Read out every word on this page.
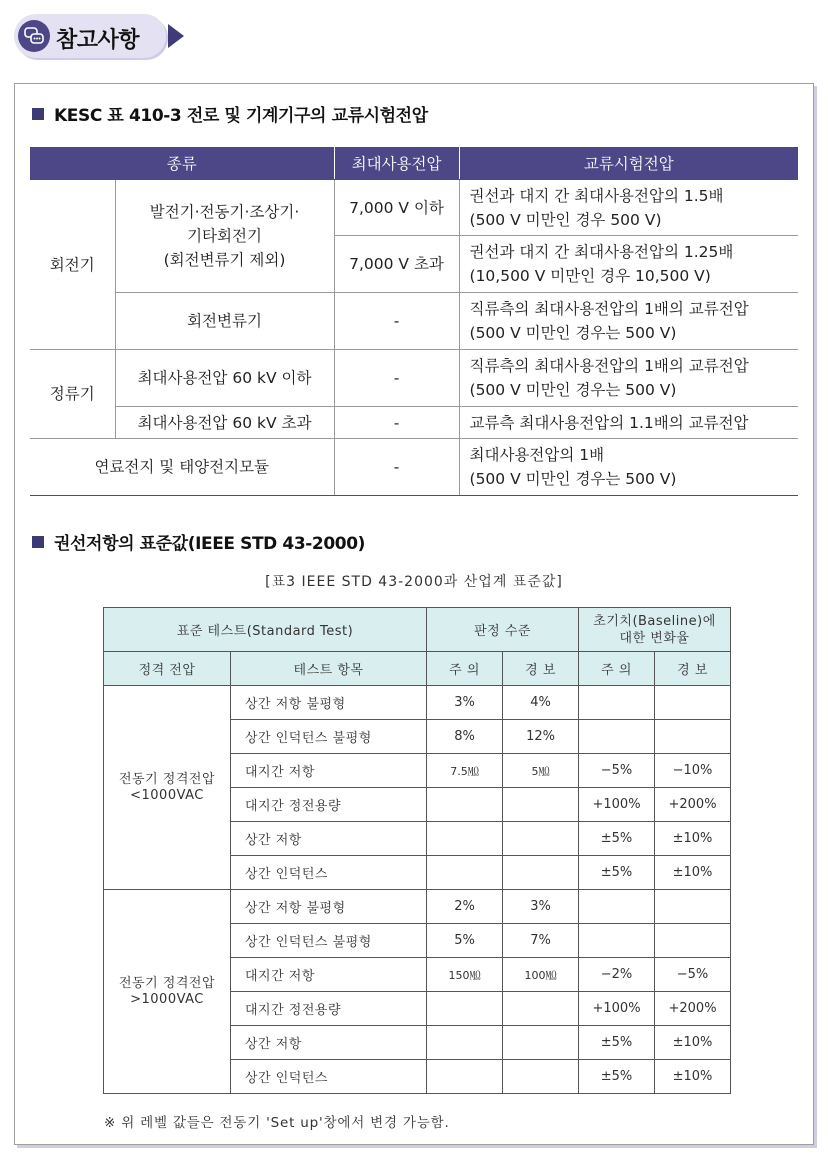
참고사항
KESC 표 410-3 전로 및 기계기구의 교류시험전압
종류		최대사용전압	교류시험전압
회전기	발전기·전동기·조상기·
기타회전기
(회전변류기 제외)	7,000 V 이하	권선과 대지 간 최대사용전압의 1.5배
(500 V 미만인 경우 500 V)
		7,000 V 초과	권선과 대지 간 최대사용전압의 1.25배
(10,500 V 미만인 경우 10,500 V)
	회전변류기	-	직류측의 최대사용전압의 1배의 교류전압
(500 V 미만인 경우는 500 V)
정류기	최대사용전압 60 kV 이하	-	직류측의 최대사용전압의 1배의 교류전압
(500 V 미만인 경우는 500 V)
	최대사용전압 60 kV 초과	-	교류측 최대사용전압의 1.1배의 교류전압
연료전지 및 태양전지모듈		-	최대사용전압의 1배
(500 V 미만인 경우는 500 V)
권선저항의 표준값(IEEE STD 43-2000)
[표3 IEEE STD 43-2000과 산업계 표준값]
표준 테스트(Standard Test)		판정 수준		초기치(Baseline)에
대한 변화율	
정격 전압	테스트 항목	주 의	경 보	주 의	경 보
전동기 정격전압
<1000VAC	상간 저항 불평형	3%	4%		
	상간 인덕턴스 불평형	8%	12%		
	대지간 저항	7.5㏁	5㏁	−5%	−10%
	대지간 정전용량			+100%	+200%
	상간 저항			±5%	±10%
	상간 인덕턴스			±5%	±10%
전동기 정격전압
>1000VAC	상간 저항 불평형	2%	3%		
	상간 인덕턴스 불평형	5%	7%		
	대지간 저항	150㏁	100㏁	−2%	−5%
	대지간 정전용량			+100%	+200%
	상간 저항			±5%	±10%
	상간 인덕턴스			±5%	±10%
※ 위 레벨 값들은 전동기 'Set up'창에서 변경 가능함.
